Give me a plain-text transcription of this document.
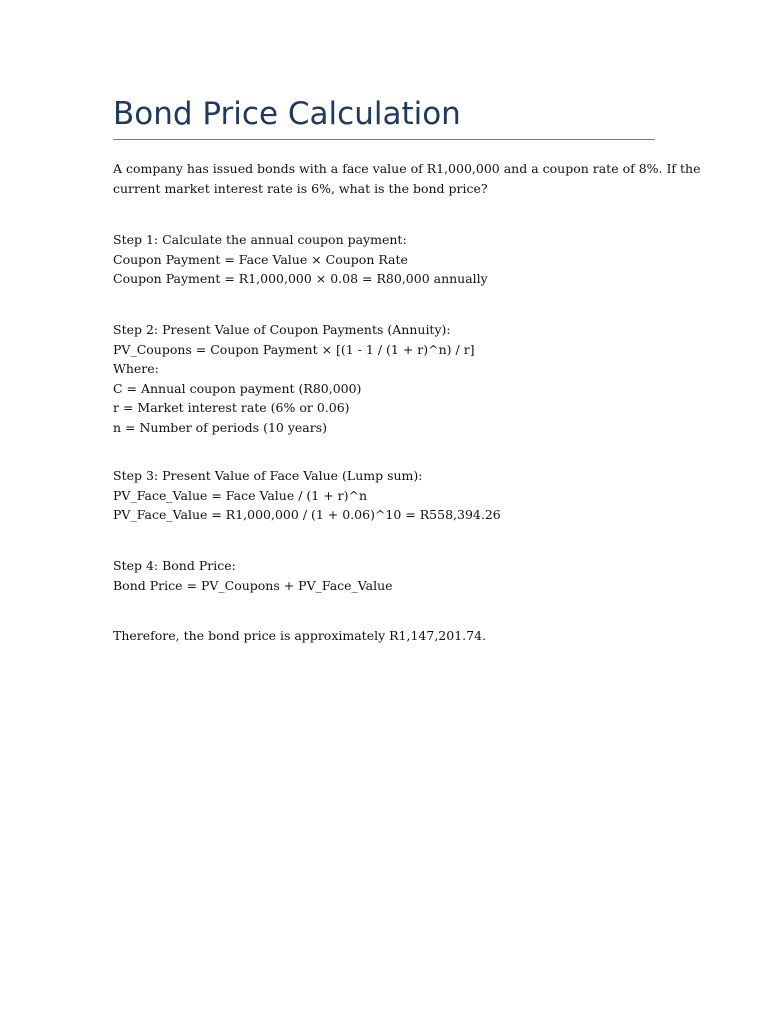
Bond Price Calculation
A company has issued bonds with a face value of R1,000,000 and a coupon rate of 8%. If the
current market interest rate is 6%, what is the bond price?
Step 1: Calculate the annual coupon payment:
Coupon Payment = Face Value × Coupon Rate
Coupon Payment = R1,000,000 × 0.08 = R80,000 annually
Step 2: Present Value of Coupon Payments (Annuity):
PV_Coupons = Coupon Payment × [(1 - 1 / (1 + r)^n) / r]
Where:
C = Annual coupon payment (R80,000)
r = Market interest rate (6% or 0.06)
n = Number of periods (10 years)
Step 3: Present Value of Face Value (Lump sum):
PV_Face_Value = Face Value / (1 + r)^n
PV_Face_Value = R1,000,000 / (1 + 0.06)^10 = R558,394.26
Step 4: Bond Price:
Bond Price = PV_Coupons + PV_Face_Value
Therefore, the bond price is approximately R1,147,201.74.
